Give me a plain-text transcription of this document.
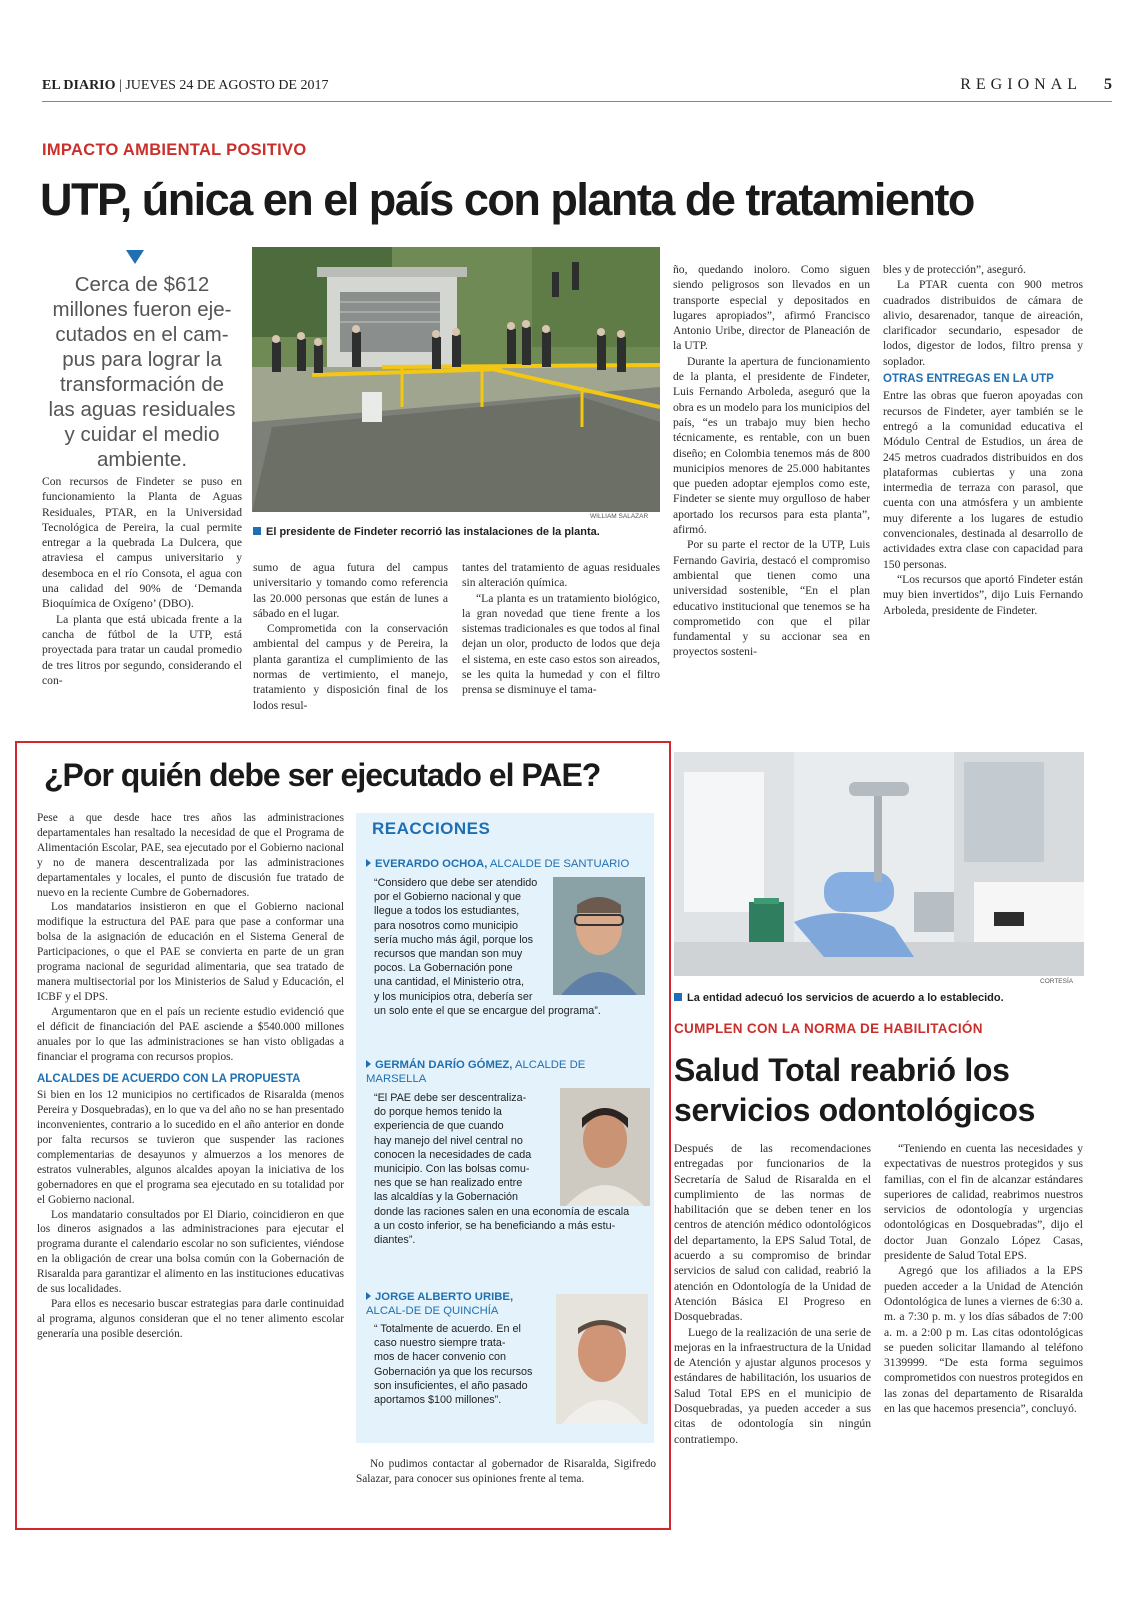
EL DIARIO | JUEVES 24 DE AGOSTO DE 2017	REGIONAL 5
IMPACTO AMBIENTAL POSITIVO
UTP, única en el país con planta de tratamiento
Cerca de $612
millones fueron eje-
cutados en el cam-
pus para lograr la
transformación de
las aguas residuales
y cuidar el medio
ambiente.
WILLIAM SALAZAR
El presidente de Findeter recorrió las instalaciones de la planta.

Con recursos de Findeter se puso en funcionamiento la Planta de Aguas Residuales, PTAR, en la Universidad Tecnológica de Pereira, la cual permite entregar a la quebrada La Dulcera, que atraviesa el campus universitario y desemboca en el río Consota, el agua con una calidad del 90% de ‘Demanda Bioquímica de Oxígeno’ (DBO).

La planta que está ubicada frente a la cancha de fútbol de la UTP, está proyectada para tratar un caudal promedio de tres litros por segundo, considerando el con-

sumo de agua futura del campus universitario y tomando como referencia las 20.000 personas que están de lunes a sábado en el lugar.

Comprometida con la conservación ambiental del campus y de Pereira, la planta garantiza el cumplimiento de las normas de vertimiento, el manejo, tratamiento y disposición final de los lodos resul-

tantes del tratamiento de aguas residuales sin alteración química.

“La planta es un tratamiento biológico, la gran novedad que tiene frente a los sistemas tradicionales es que todos al final dejan un olor, producto de lodos que deja el sistema, en este caso estos son aireados, se les quita la humedad y con el filtro prensa se disminuye el tama-

ño, quedando inoloro. Como siguen siendo peligrosos son llevados en un transporte especial y depositados en lugares apropiados”, afirmó Francisco Antonio Uribe, director de Planeación de la UTP.

Durante la apertura de funcionamiento de la planta, el presidente de Findeter, Luis Fernando Arboleda, aseguró que la obra es un modelo para los municipios del país, “es un trabajo muy bien hecho técnicamente, es rentable, con un buen diseño; en Colombia tenemos más de 800 municipios menores de 25.000 habitantes que pueden adoptar ejemplos como este, Findeter se siente muy orgulloso de haber aportado los recursos para esta planta”, afirmó.

Por su parte el rector de la UTP, Luis Fernando Gaviria, destacó el compromiso ambiental que tienen como una universidad sostenible, “En el plan educativo institucional que tenemos se ha comprometido con que el pilar fundamental y su accionar sea en proyectos sosteni-

bles y de protección”, aseguró.

La PTAR cuenta con 900 metros cuadrados distribuidos de cámara de alivio, desarenador, tanque de aireación, clarificador secundario, espesador de lodos, digestor de lodos, filtro prensa y soplador.

OTRAS ENTREGAS EN LA UTP

Entre las obras que fueron apoyadas con recursos de Findeter, ayer también se le entregó a la comunidad educativa el Módulo Central de Estudios, un área de 245 metros cuadrados distribuidos en dos plataformas cubiertas y una zona intermedia de terraza con parasol, que cuenta con una atmósfera y un ambiente muy diferente a los lugares de estudio convencionales, destinada al desarrollo de actividades extra clase con capacidad para 150 personas.

“Los recursos que aportó Findeter están muy bien invertidos”, dijo Luis Fernando Arboleda, presidente de Findeter.

¿Por quién debe ser ejecutado el PAE?

Pese a que desde hace tres años las administraciones departamentales han resaltado la necesidad de que el Programa de Alimentación Escolar, PAE, sea ejecutado por el Gobierno nacional y no de manera descentralizada por las administraciones departamentales y locales, el punto de discusión fue tratado de nuevo en la reciente Cumbre de Gobernadores.

Los mandatarios insistieron en que el Gobierno nacional modifique la estructura del PAE para que pase a conformar una bolsa de la asignación de educación en el Sistema General de Participaciones, o que el PAE se convierta en parte de un gran programa nacional de seguridad alimentaria, que sea tratado de manera multisectorial por los Ministerios de Salud y Educación, el ICBF y el DPS.

Argumentaron que en el país un reciente estudio evidenció que el déficit de financiación del PAE asciende a $540.000 millones anuales por lo que las administraciones se han visto obligadas a financiar el programa con recursos propios.

ALCALDES DE ACUERDO CON LA PROPUESTA

Si bien en los 12 municipios no certificados de Risaralda (menos Pereira y Dosquebradas), en lo que va del año no se han presentado inconvenientes, contrario a lo sucedido en el año anterior en donde por falta recursos se tuvieron que suspender las raciones complementarias de desayunos y almuerzos a los menores de estratos vulnerables, algunos alcaldes apoyan la iniciativa de los gobernadores en que el programa sea ejecutado en su totalidad por el Gobierno nacional.

Los mandatario consultados por El Diario, coincidieron en que los dineros asignados a las administraciones para ejecutar el programa durante el calendario escolar no son suficientes, viéndose en la obligación de crear una bolsa común con la Gobernación de Risaralda para garantizar el alimento en las instituciones educativas de sus localidades.

Para ellos es necesario buscar estrategias para darle continuidad al programa, algunos consideran que el no tener alimento escolar generaría una posible deserción.

REACCIONES
EVERARDO OCHOA, ALCALDE DE SANTUARIO
“Considero que debe ser atendido
por el Gobierno nacional y que
llegue a todos los estudiantes,
para nosotros como municipio
sería mucho más ágil, porque los
recursos que mandan son muy
pocos. La Gobernación pone
una cantidad, el Ministerio otra,
y los municipios otra, debería ser
un solo ente el que se encargue del programa”.
GERMÁN DARÍO GÓMEZ, ALCALDE DE MARSELLA
“El PAE debe ser descentraliza-
do porque hemos tenido la
experiencia de que cuando
hay manejo del nivel central no
conocen la necesidades de cada
municipio. Con las bolsas comu-
nes que se han realizado entre
las alcaldías y la Gobernación
donde las raciones salen en una economía de escala
a un costo inferior, se ha beneficiando a más estu-
diantes”.
JORGE ALBERTO URIBE, ALCAL-DE DE QUINCHÍA
“ Totalmente de acuerdo. En el
caso nuestro siempre trata-
mos de hacer convenio con
Gobernación ya que los recursos
son insuficientes, el año pasado
aportamos $100 millones”.

No pudimos contactar al gobernador de Risaralda, Sigifredo Salazar, para conocer sus opiniones frente al tema.

CORTESÍA
La entidad adecuó los servicios de acuerdo a lo establecido.
CUMPLEN CON LA NORMA DE HABILITACIÓN
Salud Total reabrió los
servicios odontológicos

Después de las recomendaciones entregadas por funcionarios de la Secretaría de Salud de Risaralda en el cumplimiento de las normas de habilitación que se deben tener en los centros de atención médico odontológicos del departamento, la EPS Salud Total, de acuerdo a su compromiso de brindar servicios de salud con calidad, reabrió la atención en Odontología de la Unidad de Atención Básica El Progreso en Dosquebradas.

Luego de la realización de una serie de mejoras en la infraestructura de la Unidad de Atención y ajustar algunos procesos y estándares de habilitación, los usuarios de Salud Total EPS en el municipio de Dosquebradas, ya pueden acceder a sus citas de odontología sin ningún contratiempo.

“Teniendo en cuenta las necesidades y expectativas de nuestros protegidos y sus familias, con el fin de alcanzar estándares superiores de calidad, reabrimos nuestros servicios de odontología y urgencias odontológicas en Dosquebradas”, dijo el doctor Juan Gonzalo López Casas, presidente de Salud Total EPS.

Agregó que los afiliados a la EPS pueden acceder a la Unidad de Atención Odontológica de lunes a viernes de 6:30 a. m. a 7:30 p. m. y los días sábados de 7:00 a. m. a 2:00 p m. Las citas odontológicas se pueden solicitar llamando al teléfono 3139999. “De esta forma seguimos comprometidos con nuestros protegidos en las zonas del departamento de Risaralda en las que hacemos presencia”, concluyó.
